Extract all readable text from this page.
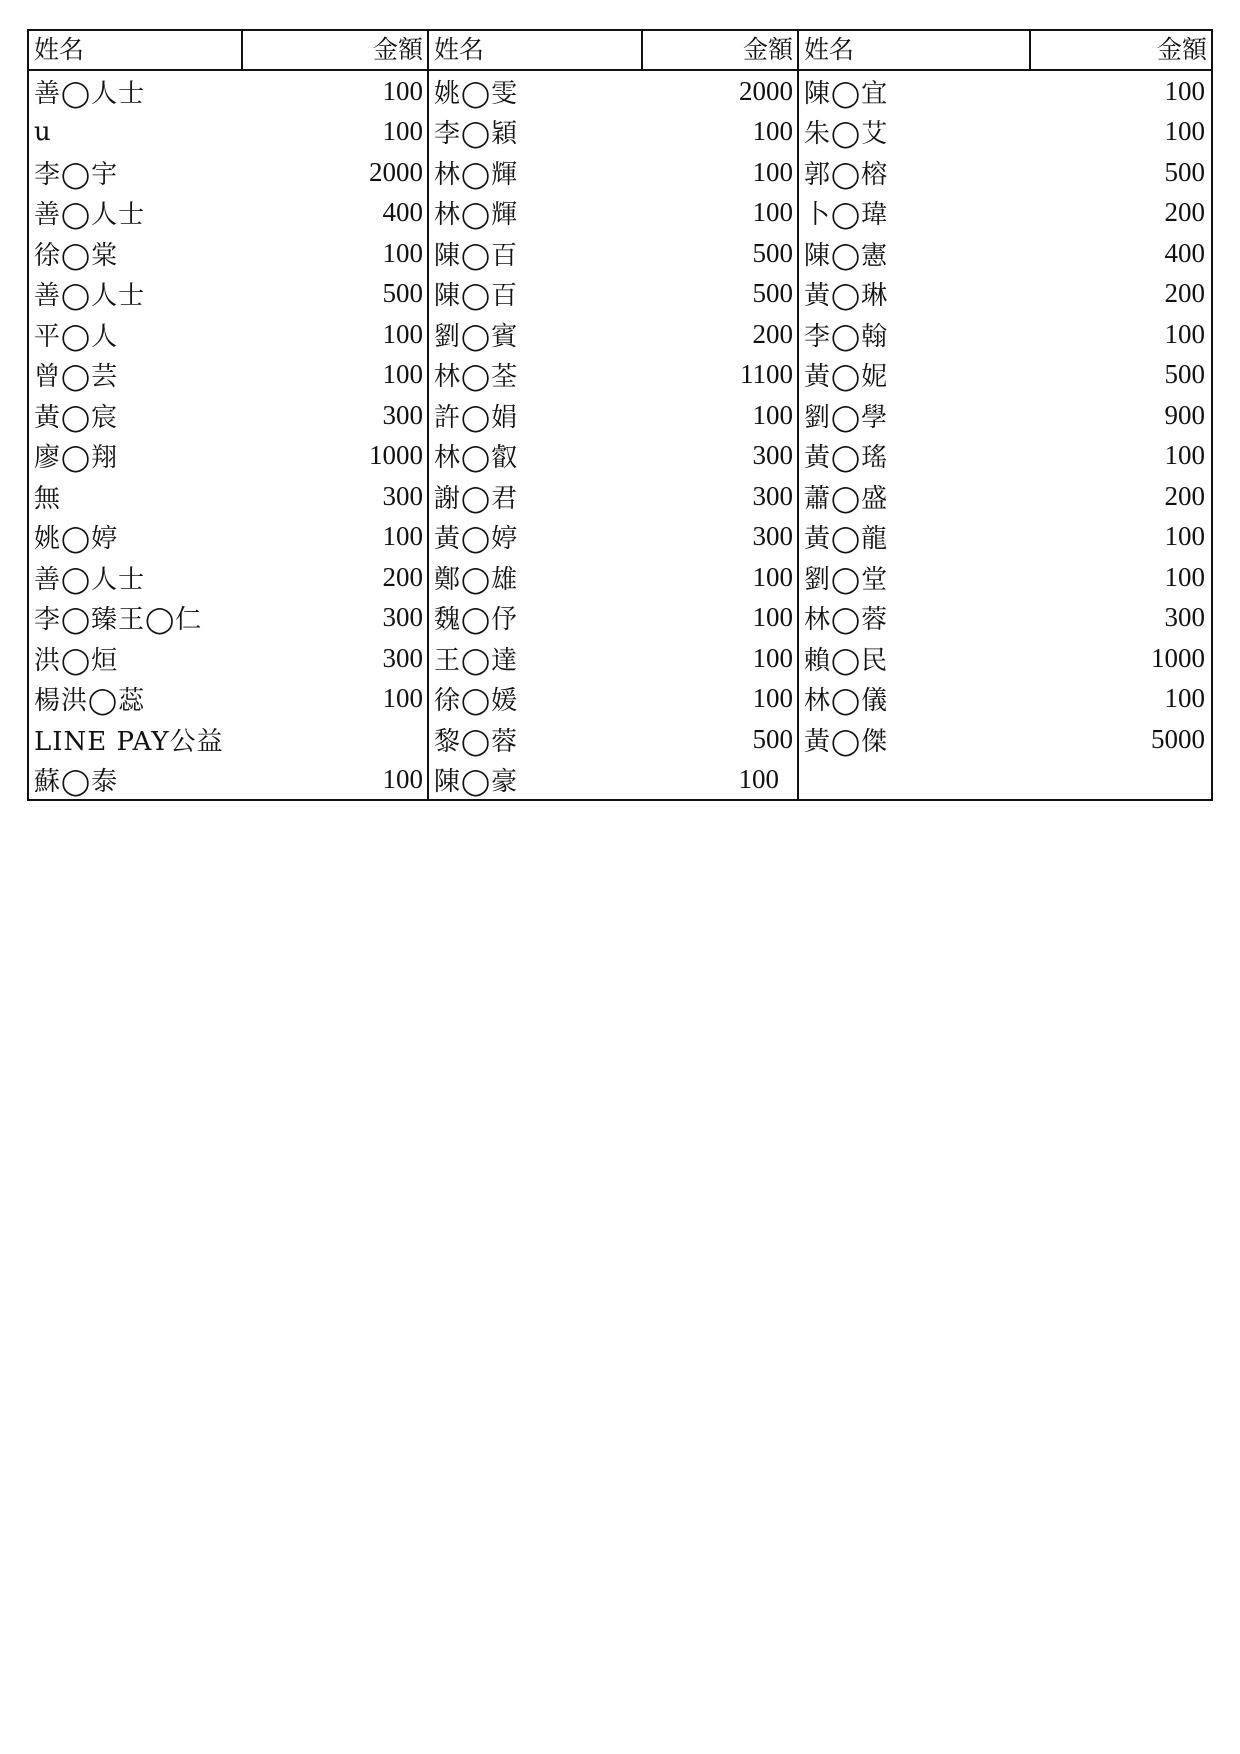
姓名	金額
善◯人士	100
u	100
李◯宇	2000
善◯人士	400
徐◯棠	100
善◯人士	500
平◯人	100
曾◯芸	100
黃◯宸	300
廖◯翔	1000
無	300
姚◯婷	100
善◯人士	200
李◯臻王◯仁	300
洪◯烜	300
楊洪◯蕊	100
LINE PAY公益
蘇◯泰	100
姓名	金額
姚◯雯	2000
李◯穎	100
林◯輝	100
林◯輝	100
陳◯百	500
陳◯百	500
劉◯賓	200
林◯荃	1100
許◯娟	100
林◯叡	300
謝◯君	300
黃◯婷	300
鄭◯雄	100
魏◯伃	100
王◯達	100
徐◯媛	100
黎◯蓉	500
陳◯豪	100
姓名	金額
陳◯宜	100
朱◯艾	100
郭◯榕	500
卜◯瑋	200
陳◯憲	400
黃◯琳	200
李◯翰	100
黃◯妮	500
劉◯學	900
黃◯瑤	100
蕭◯盛	200
黃◯龍	100
劉◯堂	100
林◯蓉	300
賴◯民	1000
林◯儀	100
黃◯傑	5000
